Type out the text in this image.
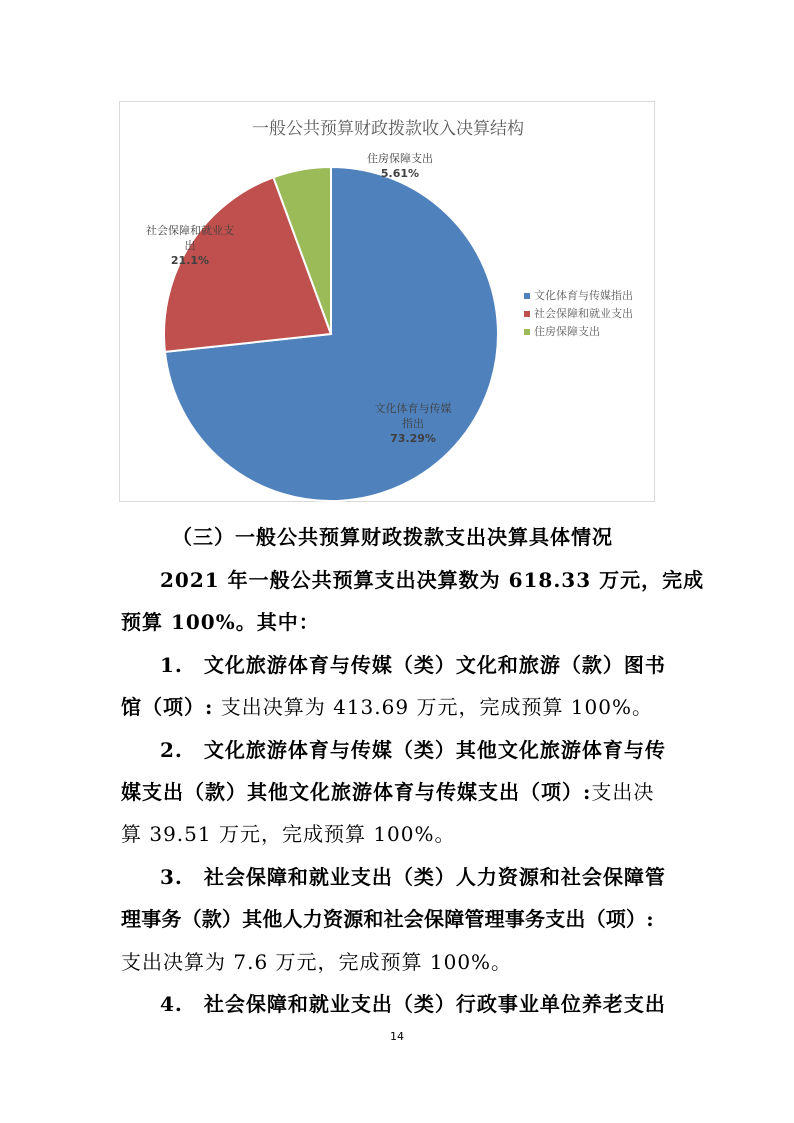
一般公共预算财政拨款收入决算结构
文化体育与传媒
指出
73.29%
社会保障和就业支
出
21.1%
住房保障支出
5.61%
文化体育与传媒指出
社会保障和就业支出
住房保障支出
（三）一般公共预算财政拨款支出决算具体情况
2021 年一般公共预算支出决算数为 618.33 万元，完成
预算 100%。其中：
1.　文化旅游体育与传媒（类）文化和旅游（款）图书
馆（项）: 支出决算为 413.69 万元，完成预算 100%。
2.　文化旅游体育与传媒（类）其他文化旅游体育与传
媒支出（款）其他文化旅游体育与传媒支出（项）:支出决
算 39.51 万元，完成预算 100%。
3.　社会保障和就业支出（类）人力资源和社会保障管
理事务（款）其他人力资源和社会保障管理事务支出（项）:
支出决算为 7.6 万元，完成预算 100%。
4.　社会保障和就业支出（类）行政事业单位养老支出
14
